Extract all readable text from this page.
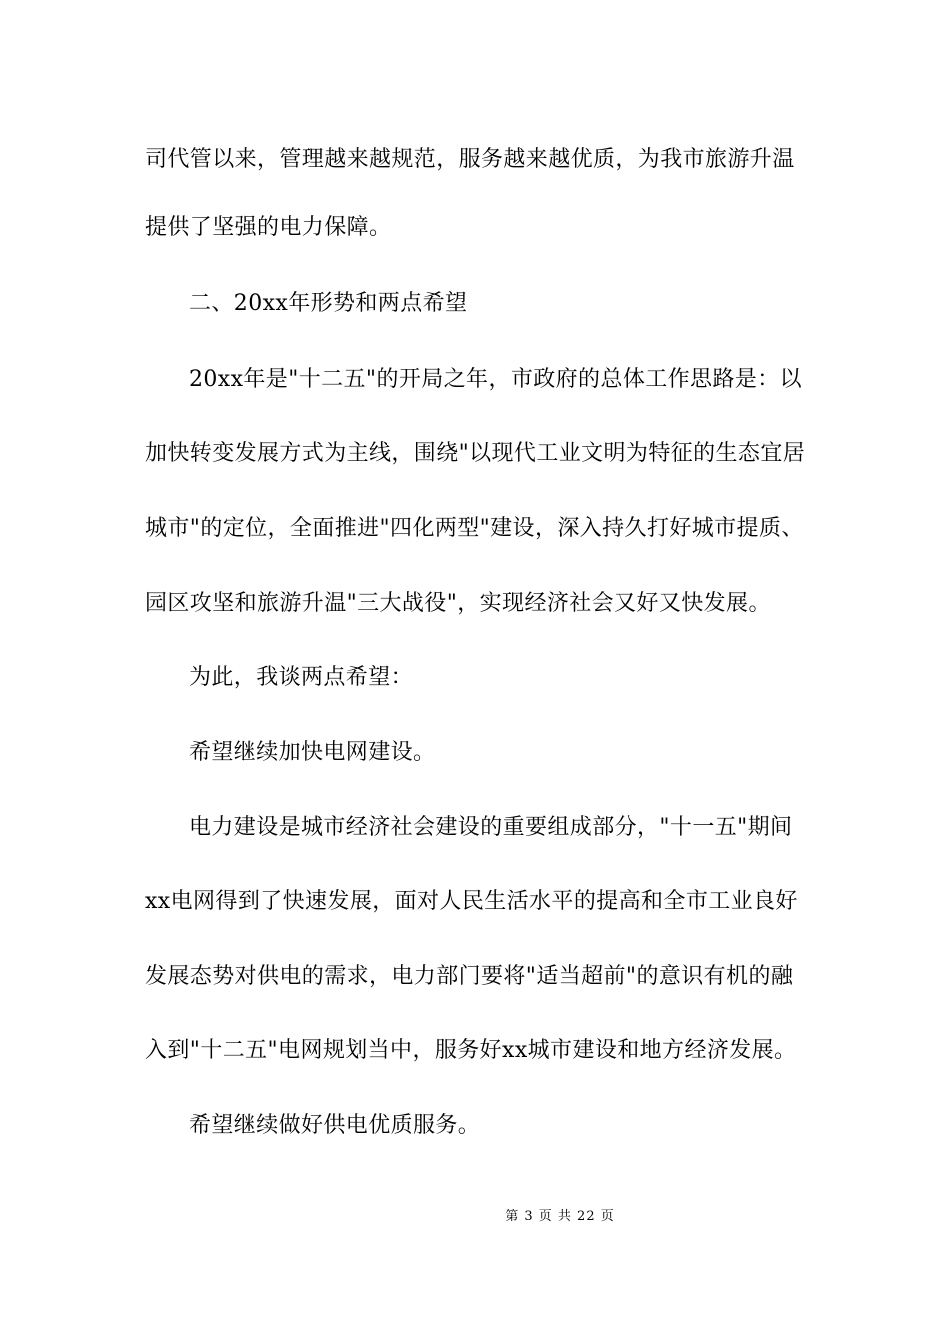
司代管以来，管理越来越规范，服务越来越优质，为我市旅游升温
提供了坚强的电力保障。
二、20xx年形势和两点希望
20xx年是"十二五"的开局之年，市政府的总体工作思路是：以
加快转变发展方式为主线，围绕"以现代工业文明为特征的生态宜居
城市"的定位，全面推进"四化两型"建设，深入持久打好城市提质、
园区攻坚和旅游升温"三大战役"，实现经济社会又好又快发展。
为此，我谈两点希望：
希望继续加快电网建设。
电力建设是城市经济社会建设的重要组成部分，"十一五"期间
xx电网得到了快速发展，面对人民生活水平的提高和全市工业良好
发展态势对供电的需求，电力部门要将"适当超前"的意识有机的融
入到"十二五"电网规划当中，服务好xx城市建设和地方经济发展。
希望继续做好供电优质服务。
第 3 页 共 22 页
